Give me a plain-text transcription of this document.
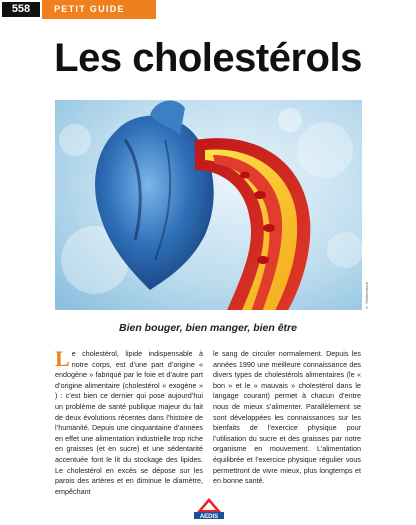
558	PETIT GUIDE
Les cholestérols
© Shutterstock
Bien bouger, bien manger, bien être
Le cholestérol, lipide indispensable à notre corps, est d’une part d’origine « endogène » fabriqué par le foie et d’autre part d’origine alimentaire (cholestérol « exogène » ) : c’est bien ce dernier qui pose aujourd’hui un problème de santé publique majeur du fait de deux évolutions récentes dans l’histoire de l’humanité. Depuis une cinquantaine d’années en effet une alimentation industrielle trop riche en graisses (et en sucre) et une sédentarité accentuée font le lit du stockage des lipides. Le cholestérol en excès se dépose sur les parois des artères et en diminue le diamètre, empêchant
le sang de circuler normalement. Depuis les années 1990 une meilleure connaissance des divers types de cholestérols alimentaires (le « bon » et le « mauvais » cholestérol dans le langage courant) permet à chacun d’entre nous de mieux s’alimenter. Parallèlement se sont développées les connaissances sur les bienfaits de l’exercice physique pour l’utilisation du sucre et des graisses par notre organisme en mouvement. L’alimentation équilibrée et l’exercice physique régulier vous permettront de vivre mieux, plus longtemps et en bonne santé.
AEDIS
